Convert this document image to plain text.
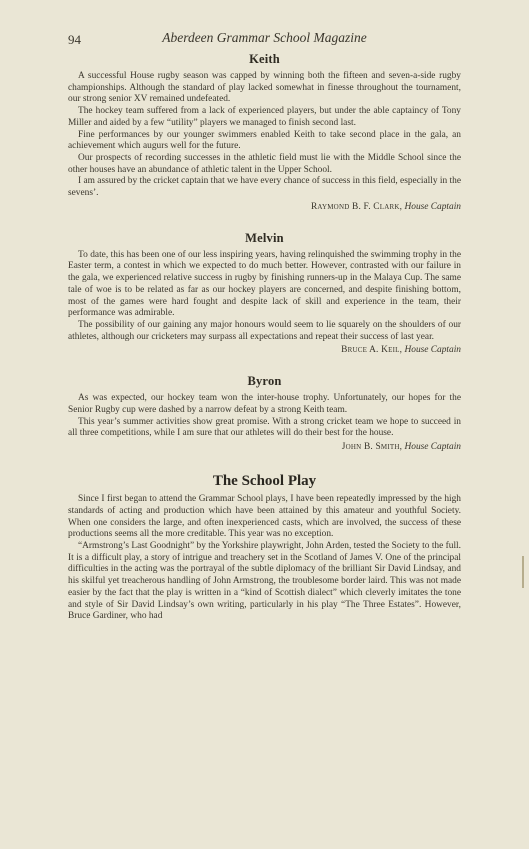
94	Aberdeen Grammar School Magazine
Keith

A successful House rugby season was capped by winning both the fifteen and seven-a-side rugby championships. Although the standard of play lacked somewhat in finesse throughout the tournament, our strong senior XV remained undefeated.

The hockey team suffered from a lack of experienced players, but under the able captaincy of Tony Miller and aided by a few “utility” players we managed to finish second last.

Fine performances by our younger swimmers enabled Keith to take second place in the gala, an achievement which augurs well for the future.

Our prospects of recording successes in the athletic field must lie with the Middle School since the other houses have an abundance of athletic talent in the Upper School.

I am assured by the cricket captain that we have every chance of success in this field, especially in the sevens’.

Raymond B. F. Clark, House Captain
Melvin

To date, this has been one of our less inspiring years, having relinquished the swimming trophy in the Easter term, a contest in which we expected to do much better. However, contrasted with our failure in the gala, we experienced relative success in rugby by finishing runners-up in the Malaya Cup. The same tale of woe is to be related as far as our hockey players are concerned, and despite finishing bottom, most of the games were hard fought and despite lack of skill and experience in the team, their performance was admirable.

The possibility of our gaining any major honours would seem to lie squarely on the shoulders of our athletes, although our cricketers may surpass all expectations and repeat their success of last year.

Bruce A. Keil, House Captain
Byron

As was expected, our hockey team won the inter-house trophy. Unfortunately, our hopes for the Senior Rugby cup were dashed by a narrow defeat by a strong Keith team.

This year’s summer activities show great promise. With a strong cricket team we hope to succeed in all three competitions, while I am sure that our athletes will do their best for the house.

John B. Smith, House Captain
The School Play

Since I first began to attend the Grammar School plays, I have been repeatedly impressed by the high standards of acting and production which have been attained by this amateur and youthful Society. When one considers the large, and often inexperienced casts, which are involved, the success of these productions seems all the more creditable. This year was no exception.

“Armstrong’s Last Goodnight” by the Yorkshire playwright, John Arden, tested the Society to the full. It is a difficult play, a story of intrigue and treachery set in the Scotland of James V. One of the principal difficulties in the acting was the portrayal of the subtle diplomacy of the brilliant Sir David Lindsay, and his skilful yet treacherous handling of John Armstrong, the troublesome border laird. This was not made easier by the fact that the play is written in a “kind of Scottish dialect” which cleverly imitates the tone and style of Sir David Lindsay’s own writing, particularly in his play “The Three Estates”. However, Bruce Gardiner, who had
